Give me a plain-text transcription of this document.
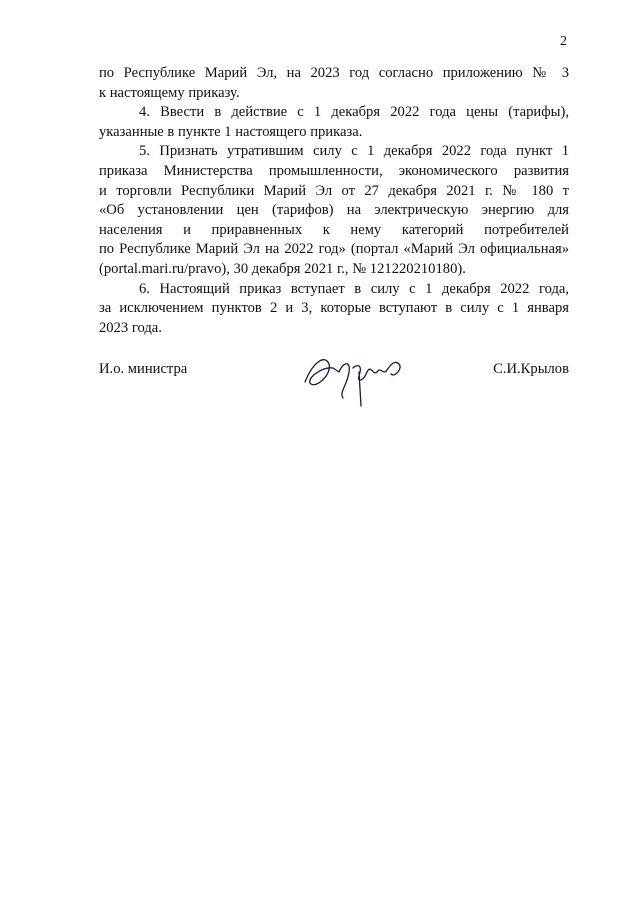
2
по Республике Марий Эл, на 2023 год согласно приложению № 3
к настоящему приказу.
4. Ввести в действие с 1 декабря 2022 года цены (тарифы),
указанные в пункте 1 настоящего приказа.
5. Признать утратившим силу с 1 декабря 2022 года пункт 1
приказа Министерства промышленности, экономического развития
и торговли Республики Марий Эл от 27 декабря 2021 г. № 180 т
«Об установлении цен (тарифов) на электрическую энергию для
населения и приравненных к нему категорий потребителей
по Республике Марий Эл на 2022 год» (портал «Марий Эл официальная»
(portal.mari.ru/pravo), 30 декабря 2021 г., № 121220210180).
6. Настоящий приказ вступает в силу с 1 декабря 2022 года,
за исключением пунктов 2 и 3, которые вступают в силу с 1 января
2023 года.
И.о. министра	С.И.Крылов
